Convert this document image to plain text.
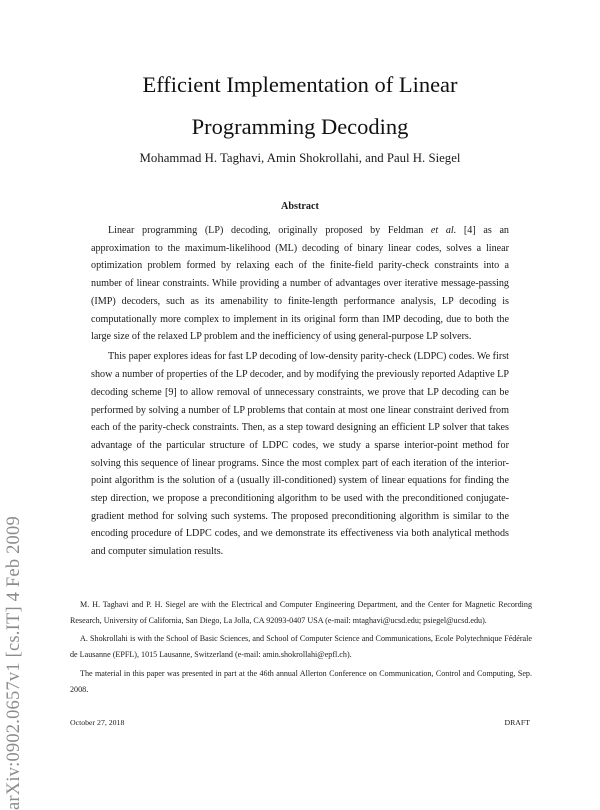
arXiv:0902.0657v1 [cs.IT] 4 Feb 2009
Efficient Implementation of Linear
Programming Decoding
Mohammad H. Taghavi, Amin Shokrollahi, and Paul H. Siegel
Abstract

Linear programming (LP) decoding, originally proposed by Feldman et al. [4] as an approximation to the maximum-likelihood (ML) decoding of binary linear codes, solves a linear optimization problem formed by relaxing each of the finite-field parity-check constraints into a number of linear constraints. While providing a number of advantages over iterative message-passing (IMP) decoders, such as its amenability to finite-length performance analysis, LP decoding is computationally more complex to implement in its original form than IMP decoding, due to both the large size of the relaxed LP problem and the inefficiency of using general-purpose LP solvers.

This paper explores ideas for fast LP decoding of low-density parity-check (LDPC) codes. We first show a number of properties of the LP decoder, and by modifying the previously reported Adaptive LP decoding scheme [9] to allow removal of unnecessary constraints, we prove that LP decoding can be performed by solving a number of LP problems that contain at most one linear constraint derived from each of the parity-check constraints. Then, as a step toward designing an efficient LP solver that takes advantage of the particular structure of LDPC codes, we study a sparse interior-point method for solving this sequence of linear programs. Since the most complex part of each iteration of the interior-point algorithm is the solution of a (usually ill-conditioned) system of linear equations for finding the step direction, we propose a preconditioning algorithm to be used with the preconditioned conjugate-gradient method for solving such systems. The proposed preconditioning algorithm is similar to the encoding procedure of LDPC codes, and we demonstrate its effectiveness via both analytical methods and computer simulation results.

M. H. Taghavi and P. H. Siegel are with the Electrical and Computer Engineering Department, and the Center for Magnetic Recording Research, University of California, San Diego, La Jolla, CA 92093-0407 USA (e-mail: mtaghavi@ucsd.edu; psiegel@ucsd.edu).

A. Shokrollahi is with the School of Basic Sciences, and School of Computer Science and Communications, Ecole Polytechnique Fédérale de Lausanne (EPFL), 1015 Lausanne, Switzerland (e-mail: amin.shokrollahi@epfl.ch).

The material in this paper was presented in part at the 46th annual Allerton Conference on Communication, Control and Computing, Sep. 2008.

October 27, 2018	DRAFT
